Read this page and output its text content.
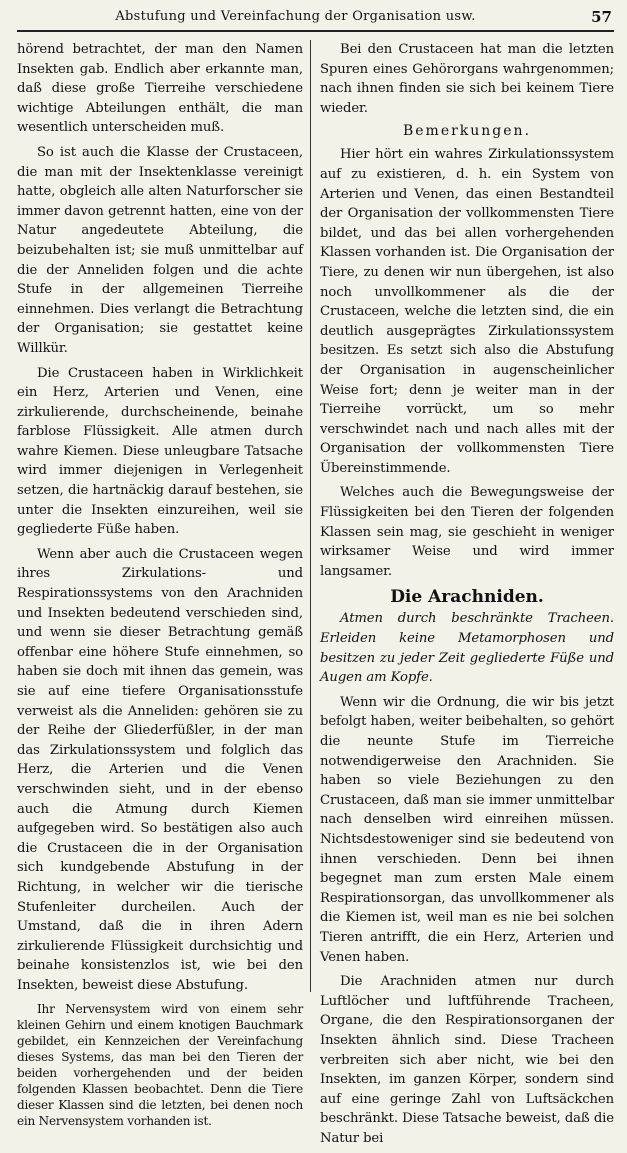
Abstufung und Vereinfachung der Organisation usw.	57

hörend betrachtet, der man den Namen Insekten gab. Endlich aber erkannte man, daß diese große Tierreihe verschiedene wichtige Abteilungen enthält, die man wesentlich unterscheiden muß.

So ist auch die Klasse der Crustaceen, die man mit der Insektenklasse vereinigt hatte, obgleich alle alten Naturforscher sie immer davon getrennt hatten, eine von der Natur angedeutete Abteilung, die beizubehalten ist; sie muß unmittelbar auf die der Anneliden folgen und die achte Stufe in der allgemeinen Tierreihe einnehmen. Dies verlangt die Betrachtung der Organisation; sie gestattet keine Willkür.

Die Crustaceen haben in Wirklichkeit ein Herz, Arterien und Venen, eine zirkulierende, durchscheinende, beinahe farblose Flüssigkeit. Alle atmen durch wahre Kiemen. Diese unleugbare Tatsache wird immer diejenigen in Verlegenheit setzen, die hartnäckig darauf bestehen, sie unter die Insekten einzureihen, weil sie gegliederte Füße haben.

Wenn aber auch die Crustaceen wegen ihres Zirkulations- und Respirationssystems von den Arachniden und Insekten bedeutend verschieden sind, und wenn sie dieser Betrachtung gemäß offenbar eine höhere Stufe einnehmen, so haben sie doch mit ihnen das gemein, was sie auf eine tiefere Organisationsstufe verweist als die Anneliden: gehören sie zu der Reihe der Gliederfüßler, in der man das Zirkulationssystem und folglich das Herz, die Arterien und die Venen verschwinden sieht, und in der ebenso auch die Atmung durch Kiemen aufgegeben wird. So bestätigen also auch die Crustaceen die in der Organisation sich kundgebende Abstufung in der Richtung, in welcher wir die tierische Stufenleiter durcheilen. Auch der Umstand, daß die in ihren Adern zirkulierende Flüssigkeit durchsichtig und beinahe konsistenzlos ist, wie bei den Insekten, beweist diese Abstufung.

Ihr Nervensystem wird von einem sehr kleinen Gehirn und einem knotigen Bauchmark gebildet, ein Kennzeichen der Vereinfachung dieses Systems, das man bei den Tieren der beiden vorhergehenden und der beiden folgenden Klassen beobachtet. Denn die Tiere dieser Klassen sind die letzten, bei denen noch ein Nervensystem vorhanden ist.

Bei den Crustaceen hat man die letzten Spuren eines Gehörorgans wahrgenommen; nach ihnen finden sie sich bei keinem Tiere wieder.

Bemerkungen.

Hier hört ein wahres Zirkulationssystem auf zu existieren, d. h. ein System von Arterien und Venen, das einen Bestandteil der Organisation der vollkommensten Tiere bildet, und das bei allen vorhergehenden Klassen vorhanden ist. Die Organisation der Tiere, zu denen wir nun übergehen, ist also noch unvollkommener als die der Crustaceen, welche die letzten sind, die ein deutlich ausgeprägtes Zirkulationssystem besitzen. Es setzt sich also die Abstufung der Organisation in augenscheinlicher Weise fort; denn je weiter man in der Tierreihe vorrückt, um so mehr verschwindet nach und nach alles mit der Organisation der vollkommensten Tiere Übereinstimmende.

Welches auch die Bewegungsweise der Flüssigkeiten bei den Tieren der folgenden Klassen sein mag, sie geschieht in weniger wirksamer Weise und wird immer langsamer.

Die Arachniden.

Atmen durch beschränkte Tracheen. Erleiden keine Metamorphosen und besitzen zu jeder Zeit gegliederte Füße und Augen am Kopfe.

Wenn wir die Ordnung, die wir bis jetzt befolgt haben, weiter beibehalten, so gehört die neunte Stufe im Tierreiche notwendigerweise den Arachniden. Sie haben so viele Beziehungen zu den Crustaceen, daß man sie immer unmittelbar nach denselben wird einreihen müssen. Nichtsdestoweniger sind sie bedeutend von ihnen verschieden. Denn bei ihnen begegnet man zum ersten Male einem Respirationsorgan, das unvollkommener als die Kiemen ist, weil man es nie bei solchen Tieren antrifft, die ein Herz, Arterien und Venen haben.

Die Arachniden atmen nur durch Luftlöcher und luftführende Tracheen, Organe, die den Respirationsorganen der Insekten ähnlich sind. Diese Tracheen verbreiten sich aber nicht, wie bei den Insekten, im ganzen Körper, sondern sind auf eine geringe Zahl von Luftsäckchen beschränkt. Diese Tatsache beweist, daß die Natur bei
